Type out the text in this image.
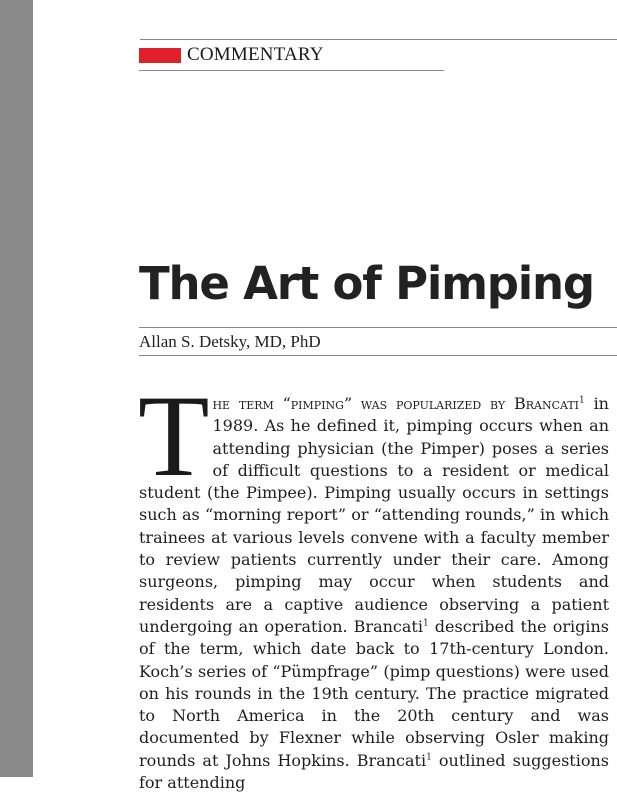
COMMENTARY
The Art of Pimping
Allan S. Detsky, MD, PhD

The term “pimping” was popularized by Brancati$^1$ in 1989. As he defined it, pimping occurs when an attending physician (the Pimper) poses a series of difficult questions to a resident or medical student (the Pimpee). Pimping usually occurs in settings such as “morning report” or “attending rounds,” in which trainees at various levels convene with a faculty member to review patients currently under their care. Among surgeons, pimping may occur when students and residents are a captive audience observing a patient undergoing an operation. Brancati$^1$ described the origins of the term, which date back to 17th-century London. Koch’s series of “Pümpfrage” (pimp questions) were used on his rounds in the 19th century. The practice migrated to North America in the 20th century and was documented by Flexner while observing Osler making rounds at Johns Hopkins. Brancati$^1$ outlined suggestions for attending
